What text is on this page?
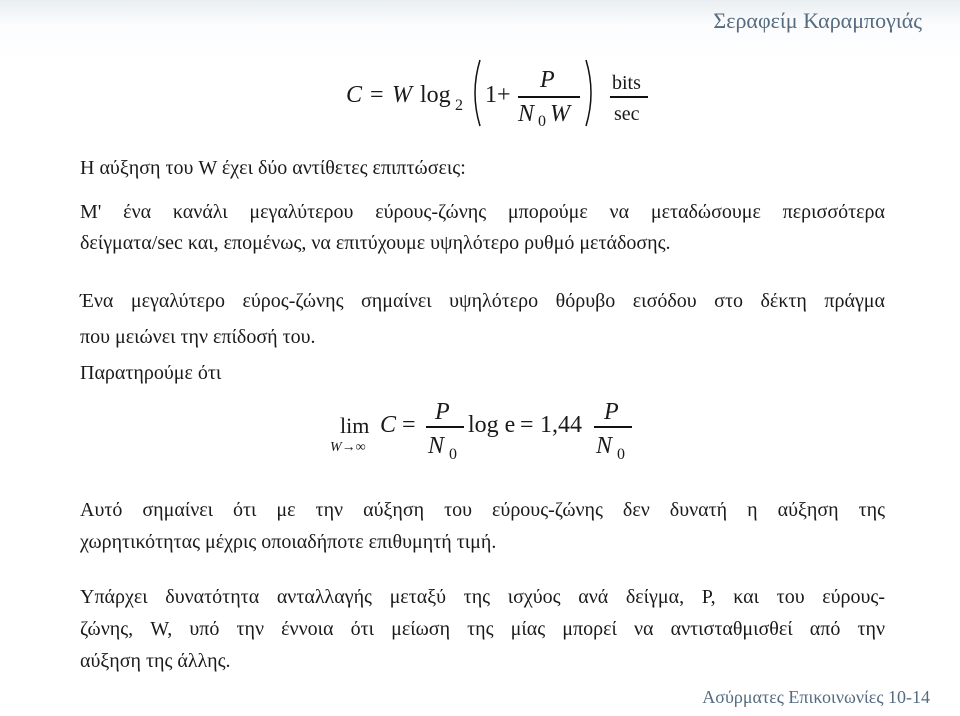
Σεραφείμ Καραμπογιάς
C = W log 2 1+
P
N 0 W
bits
sec
Η αύξηση του W έχει δύο αντίθετες επιπτώσεις:
Μ' ένα κανάλι μεγαλύτερου εύρους-ζώνης μπορούμε να μεταδώσουμε περισσότερα
δείγματα/sec και, επομένως, να επιτύχουμε υψηλότερο ρυθμό μετάδοσης.
Ένα μεγαλύτερο εύρος-ζώνης σημαίνει υψηλότερο θόρυβο εισόδου στο δέκτη πράγμα
που μειώνει την επίδοσή του.
Παρατηρούμε ότι
lim
W→∞
C = P
N 0
log e = 1,44 P
N 0
Αυτό σημαίνει ότι με την αύξηση του εύρους-ζώνης δεν δυνατή η αύξηση της
χωρητικότητας μέχρις οποιαδήποτε επιθυμητή τιμή.
Υπάρχει δυνατότητα ανταλλαγής μεταξύ της ισχύος ανά δείγμα, P, και του εύρους-
ζώνης, W, υπό την έννοια ότι μείωση της μίας μπορεί να αντισταθμισθεί από την
αύξηση της άλλης.
Ασύρματες Επικοινωνίες 10-14
